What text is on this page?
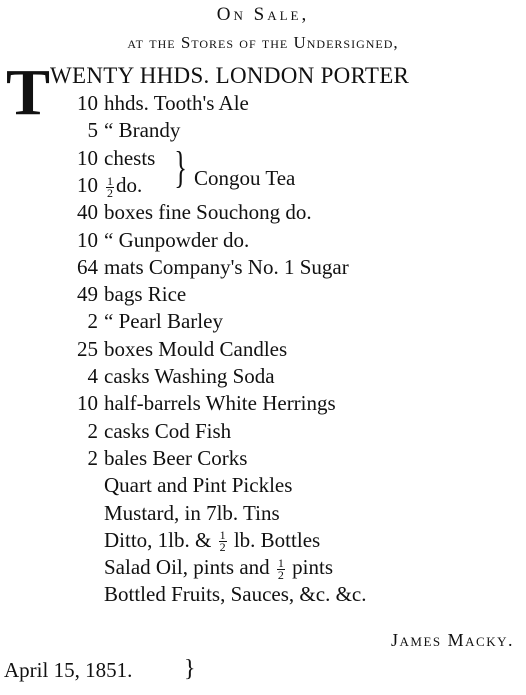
On Sale,
at the Stores of the Undersigned,
T WENTY HHDS. LONDON PORTER
10 hhds. Tooth's Ale
5 “ Brandy
10 chests
$10 \frac{1}{2}$ do.
40 boxes fine Souchong do.
10 “ Gunpowder do.
64 mats Company's No. 1 Sugar
49 bags Rice
2 “ Pearl Barley
25 boxes Mould Candles
4 casks Washing Soda
10 half-barrels White Herrings
2 casks Cod Fish
2 bales Beer Corks
} Congou Tea
Quart and Pint Pickles
Mustard, in 7lb. Tins
Ditto, 1lb. & $\frac{1}{2}$ lb. Bottles
Salad Oil, pints and $\frac{1}{2}$ pints
Bottled Fruits, Sauces, &c. &c.
James Macky.
April 15, 1851. }
